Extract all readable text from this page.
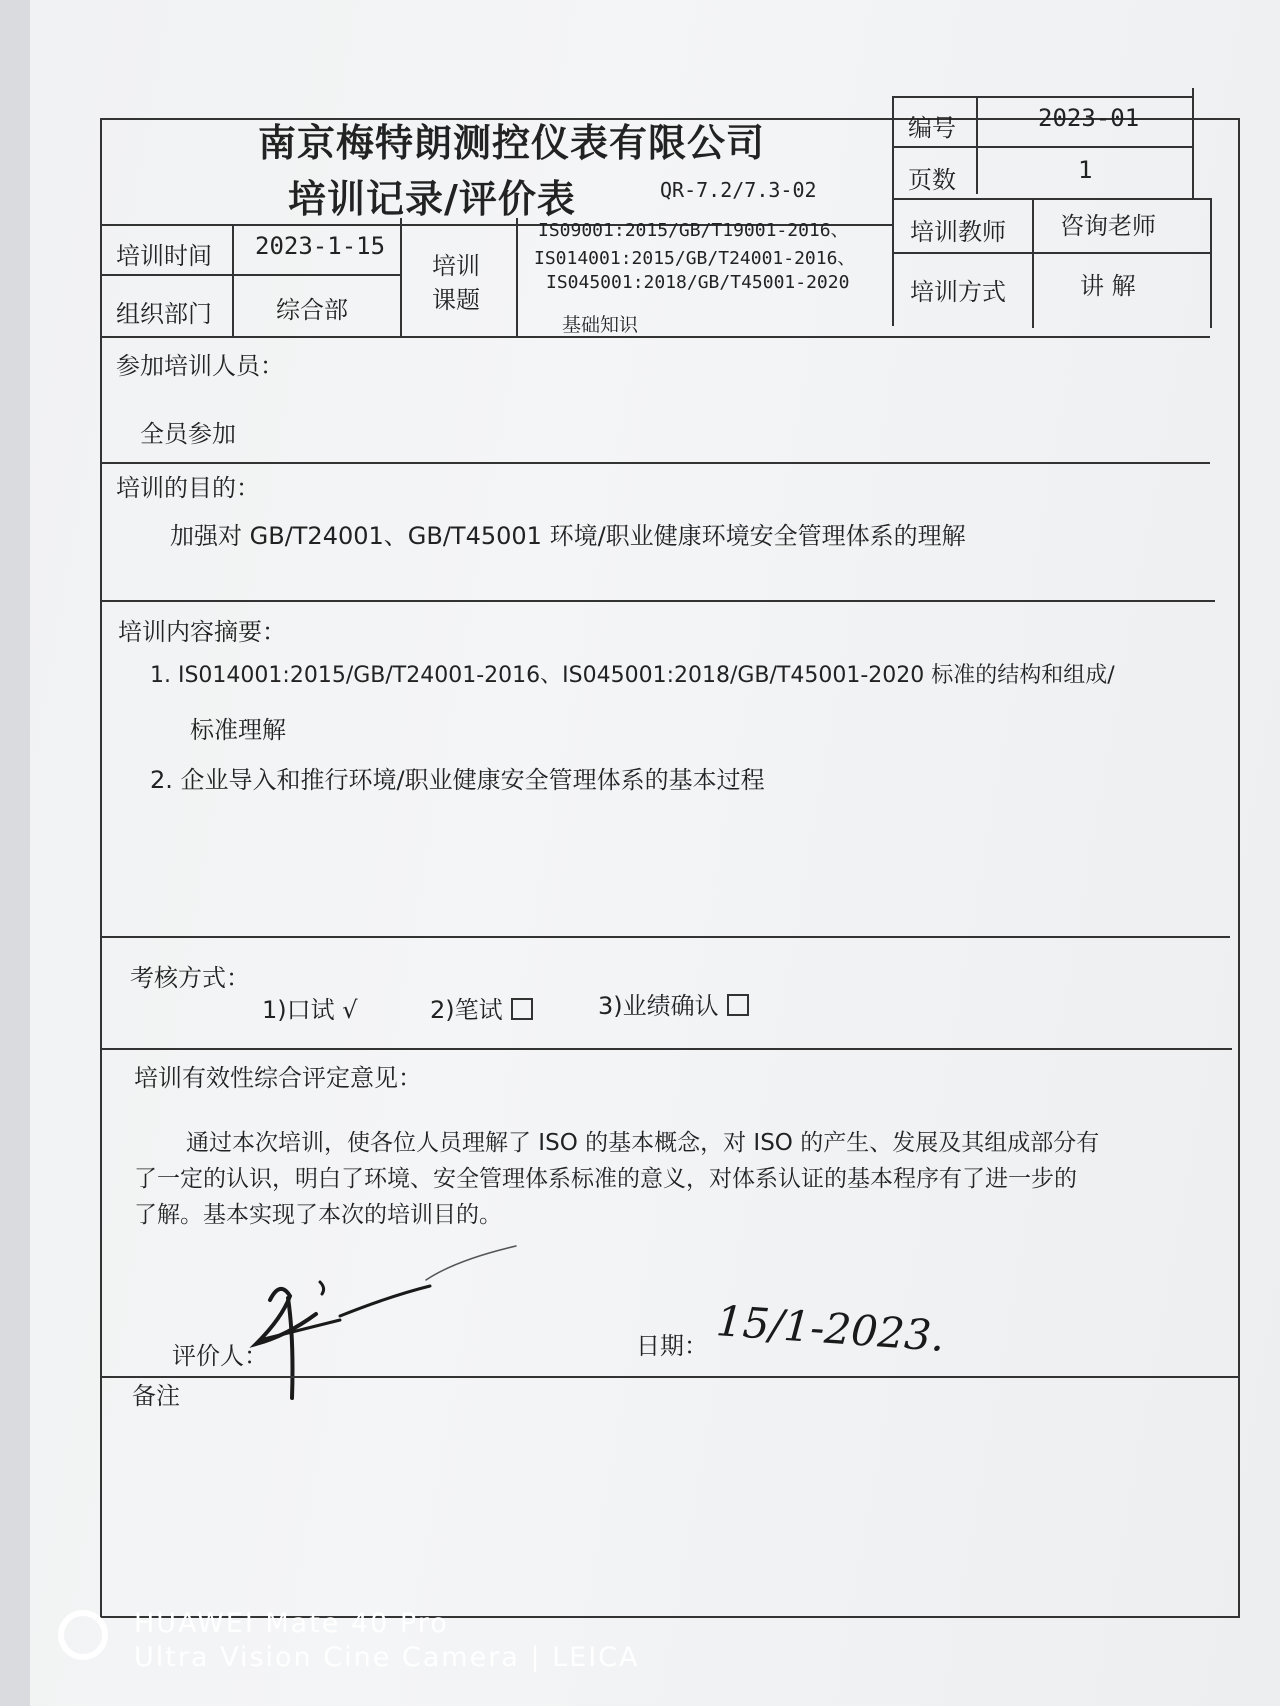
南京梅特朗测控仪表有限公司
培训记录/评价表	QR-7.2/7.3-02
编号	2023-01
页数	1
培训时间 2023-1-15
组织部门	综合部
培训
课题
IS09001:2015/GB/T19001-2016、
IS014001:2015/GB/T24001-2016、
IS045001:2018/GB/T45001-2020
基础知识
培训教师 咨询老师
培训方式	讲 解
参加培训人员：
全员参加
培训的目的：
加强对 GB/T24001、GB/T45001 环境/职业健康环境安全管理体系的理解
培训内容摘要：
1. IS014001:2015/GB/T24001-2016、IS045001:2018/GB/T45001-2020 标准的结构和组成/
标准理解
2. 企业导入和推行环境/职业健康安全管理体系的基本过程
考核方式：
1)口试 √	2)笔试	3)业绩确认
培训有效性综合评定意见：
通过本次培训，使各位人员理解了 ISO 的基本概念，对 ISO 的产生、发展及其组成部分有
了一定的认识，明白了环境、安全管理体系标准的意义，对体系认证的基本程序有了进一步的
了解。基本实现了本次的培训目的。
评价人：	日期： 15/1-2023.
备注
HUAWEI Mate 40 Pro
Ultra Vision Cine Camera | LEICA
